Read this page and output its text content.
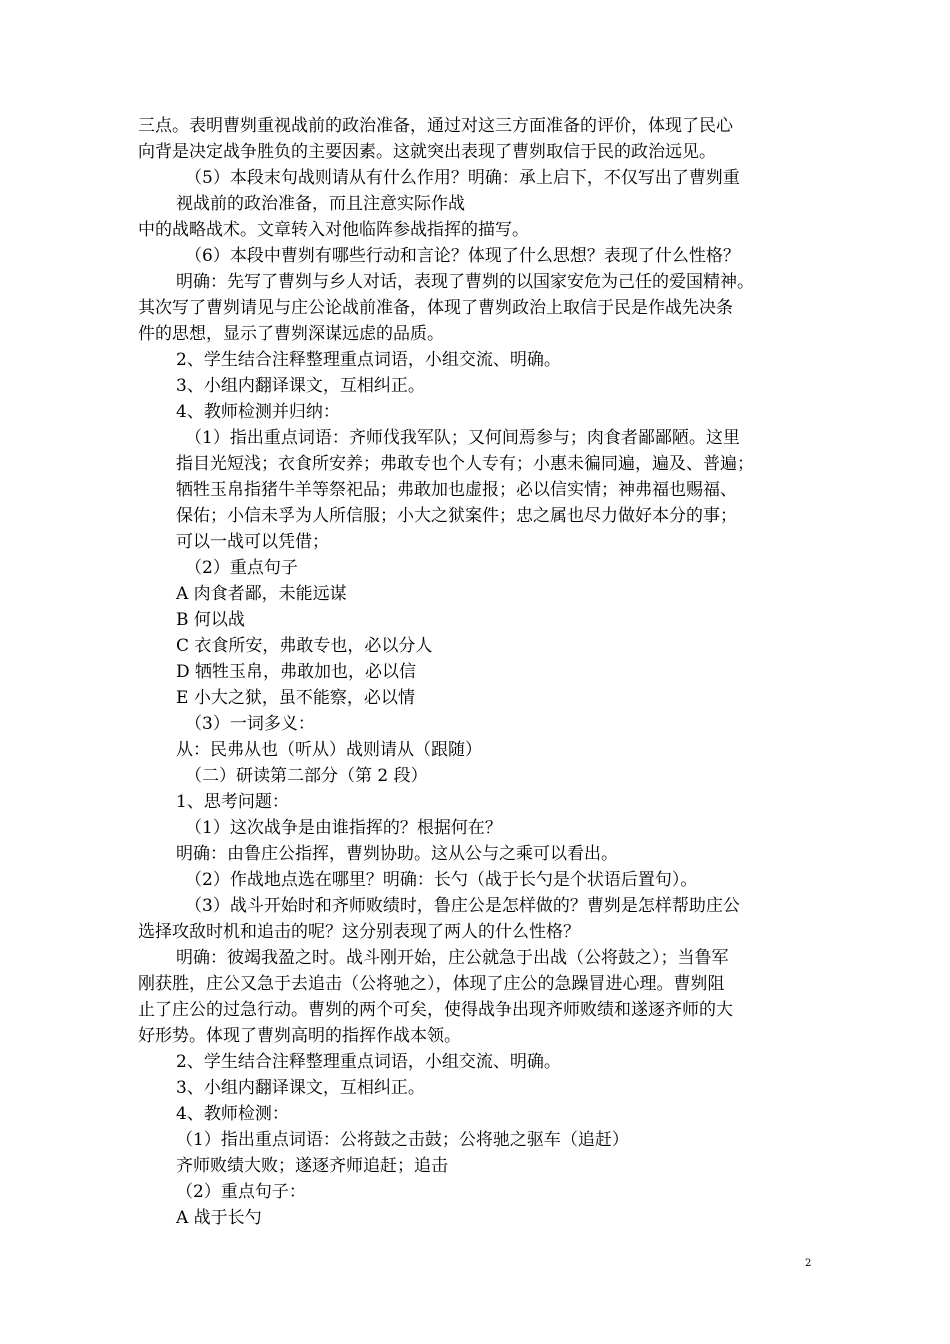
三点。表明曹刿重视战前的政治准备，通过对这三方面准备的评价，体现了民心

向背是决定战争胜负的主要因素。这就突出表现了曹刿取信于民的政治远见。

（5）本段末句战则请从有什么作用？明确：承上启下，不仅写出了曹刿重

视战前的政治准备，而且注意实际作战

中的战略战术。文章转入对他临阵参战指挥的描写。

（6）本段中曹刿有哪些行动和言论？体现了什么思想？表现了什么性格？

明确：先写了曹刿与乡人对话，表现了曹刿的以国家安危为己任的爱国精神。

其次写了曹刿请见与庄公论战前准备，体现了曹刿政治上取信于民是作战先决条

件的思想，显示了曹刿深谋远虑的品质。

2、学生结合注释整理重点词语，小组交流、明确。

3、小组内翻译课文，互相纠正。

4、教师检测并归纳：

（1）指出重点词语：齐师伐我军队；又何间焉参与；肉食者鄙鄙陋。这里

指目光短浅；衣食所安养；弗敢专也个人专有；小惠未徧同遍，遍及、普遍；

牺牲玉帛指猪牛羊等祭祀品；弗敢加也虚报；必以信实情；神弗福也赐福、

保佑；小信未孚为人所信服；小大之狱案件；忠之属也尽力做好本分的事；

可以一战可以凭借；

（2）重点句子

A 肉食者鄙，未能远谋

B 何以战

C 衣食所安，弗敢专也，必以分人

D 牺牲玉帛，弗敢加也，必以信

E 小大之狱，虽不能察，必以情

（3）一词多义：

从：民弗从也（听从）战则请从（跟随）

（二）研读第二部分（第 2 段）

1、思考问题：

（1）这次战争是由谁指挥的？根据何在？

明确：由鲁庄公指挥，曹刿协助。这从公与之乘可以看出。

（2）作战地点选在哪里？明确：长勺（战于长勺是个状语后置句）。

（3）战斗开始时和齐师败绩时，鲁庄公是怎样做的？曹刿是怎样帮助庄公

选择攻敌时机和追击的呢？这分别表现了两人的什么性格？

明确：彼竭我盈之时。战斗刚开始，庄公就急于出战（公将鼓之）；当鲁军

刚获胜，庄公又急于去追击（公将驰之），体现了庄公的急躁冒进心理。曹刿阻

止了庄公的过急行动。曹刿的两个可矣，使得战争出现齐师败绩和遂逐齐师的大

好形势。体现了曹刿高明的指挥作战本领。

2、学生结合注释整理重点词语，小组交流、明确。

3、小组内翻译课文，互相纠正。

4、教师检测：

（1）指出重点词语：公将鼓之击鼓；公将驰之驱车（追赶）

齐师败绩大败；遂逐齐师追赶；追击

（2）重点句子：

A 战于长勺

2
